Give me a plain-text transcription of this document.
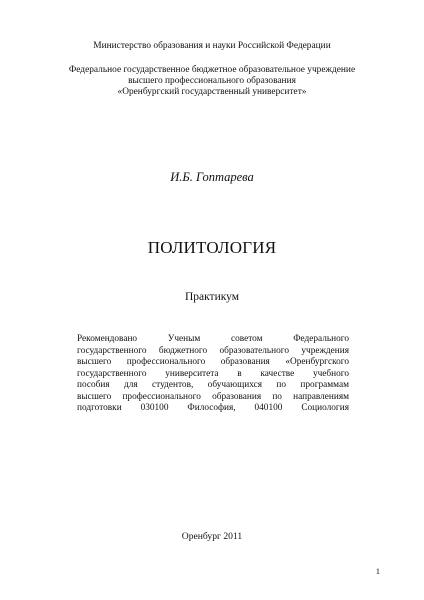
Министерство образования и науки Российской Федерации
Федеральное государственное бюджетное образовательное учреждение
высшего профессионального образования
«Оренбургский государственный университет»
И.Б. Гоптарева
ПОЛИТОЛОГИЯ
Практикум
Рекомендовано Ученым советом Федерального
государственного бюджетного образовательного учреждения
высшего профессионального образования «Оренбургского
государственного университета в качестве учебного
пособия для студентов, обучающихся по программам
высшего профессионального образования по направлениям
подготовки 030100 Философия, 040100 Социология
Оренбург 2011
1
